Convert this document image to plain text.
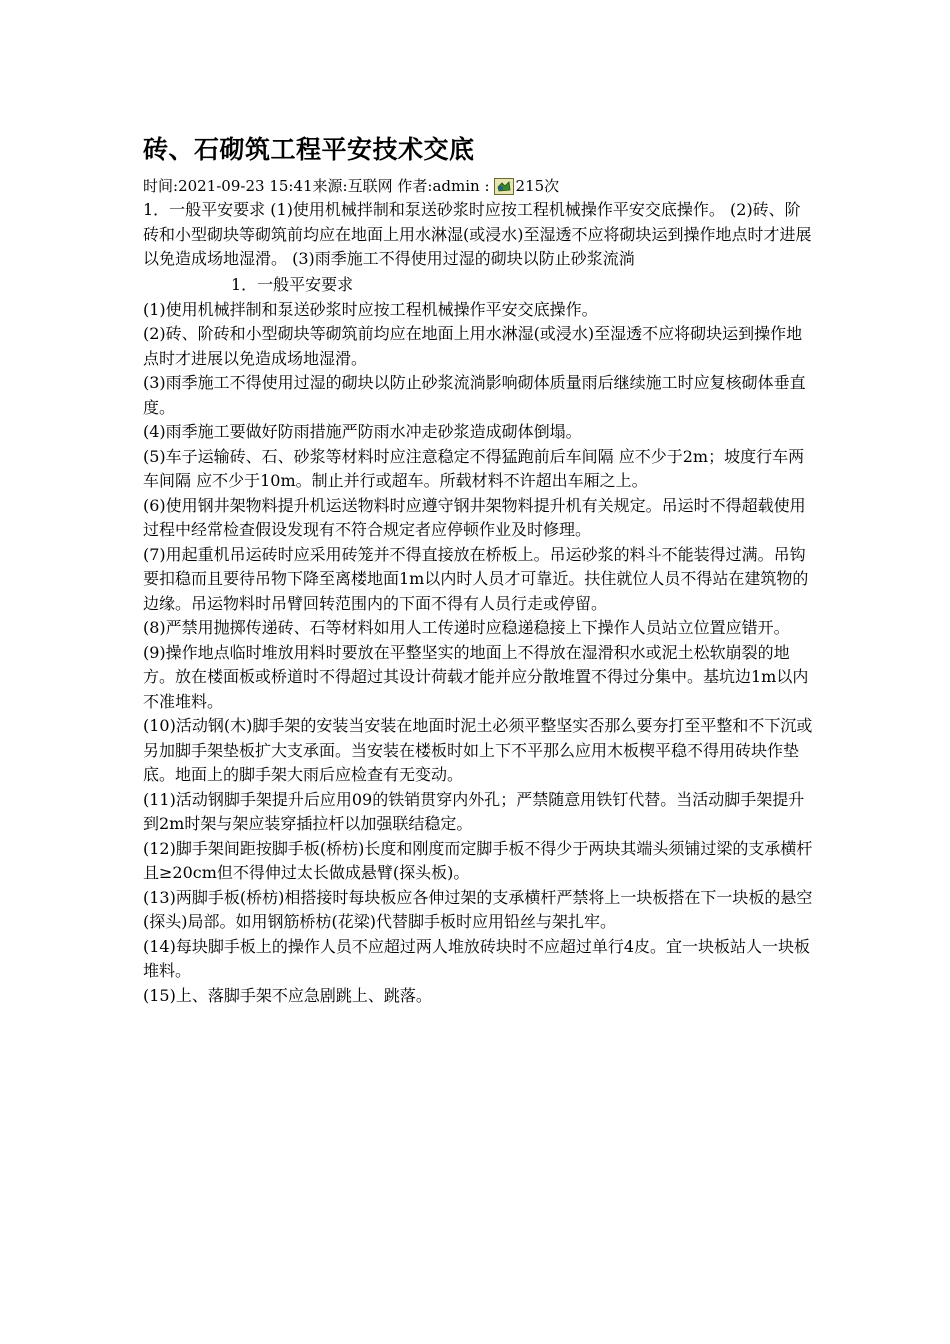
砖、石砌筑工程平安技术交底
时间: 2021-09-23 15:41 来源: 互联网
作者: admin
: 215次

1．一般平安要求 (1)使用机械拌制和泵送砂浆时应按工程机械操作平安交底操作。 (2)砖、阶砖和小型砌块等砌筑前均应在地面上用水淋湿(或浸水)至湿透不应将砌块运到操作地点时才进展以免造成场地湿滑。 (3)雨季施工不得使用过湿的砌块以防止砂浆流淌

1．一般平安要求

(1)使用机械拌制和泵送砂浆时应按工程机械操作平安交底操作。

(2)砖、阶砖和小型砌块等砌筑前均应在地面上用水淋湿(或浸水)至湿透不应将砌块运到操作地点时才进展以免造成场地湿滑。

(3)雨季施工不得使用过湿的砌块以防止砂浆流淌影响砌体质量雨后继续施工时应复核砌体垂直度。

(4)雨季施工要做好防雨措施严防雨水冲走砂浆造成砌体倒塌。

(5)车子运输砖、石、砂浆等材料时应注意稳定不得猛跑前后车间隔 应不少于2m；坡度行车两车间隔 应不少于10m。制止并行或超车。所载材料不许超出车厢之上。

(6)使用钢井架物料提升机运送物料时应遵守钢井架物料提升机有关规定。吊运时不得超载使用过程中经常检查假设发现有不符合规定者应停顿作业及时修理。

(7)用起重机吊运砖时应采用砖笼并不得直接放在桥板上。吊运砂浆的料斗不能装得过满。吊钩要扣稳而且要待吊物下降至离楼地面1m以内时人员才可靠近。扶住就位人员不得站在建筑物的边缘。吊运物料时吊臂回转范围内的下面不得有人员行走或停留。

(8)严禁用抛掷传递砖、石等材料如用人工传递时应稳递稳接上下操作人员站立位置应错开。

(9)操作地点临时堆放用料时要放在平整坚实的地面上不得放在湿滑积水或泥土松软崩裂的地方。放在楼面板或桥道时不得超过其设计荷载才能并应分散堆置不得过分集中。基坑边1m以内不准堆料。

(10)活动钢(木)脚手架的安装当安装在地面时泥土必须平整坚实否那么要夯打至平整和不下沉或另加脚手架垫板扩大支承面。当安装在楼板时如上下不平那么应用木板楔平稳不得用砖块作垫底。地面上的脚手架大雨后应检查有无变动。

(11)活动钢脚手架提升后应用09的铁销贯穿内外孔；严禁随意用铁钉代替。当活动脚手架提升到2m时架与架应装穿插拉杆以加强联结稳定。

(12)脚手架间距按脚手板(桥枋)长度和刚度而定脚手板不得少于两块其端头须铺过梁的支承横杆且≥20cm但不得伸过太长做成悬臂(探头板)。

(13)两脚手板(桥枋)相搭接时每块板应各伸过架的支承横杆严禁将上一块板搭在下一块板的悬空(探头)局部。如用钢筋桥枋(花梁)代替脚手板时应用铅丝与架扎牢。

(14)每块脚手板上的操作人员不应超过两人堆放砖块时不应超过单行4皮。宜一块板站人一块板堆料。

(15)上、落脚手架不应急剧跳上、跳落。
